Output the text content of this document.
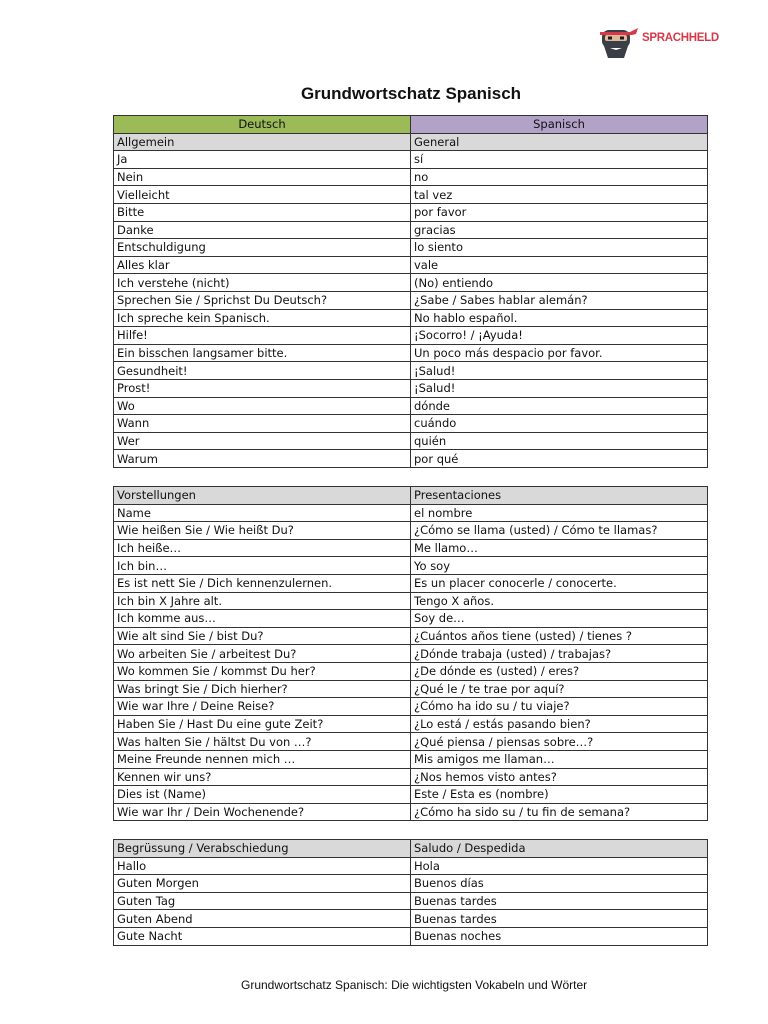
SPRACHHELD
Grundwortschatz Spanisch
Deutsch	Spanisch
Allgemein	General
Ja	sí
Nein	no
Vielleicht	tal vez
Bitte	por favor
Danke	gracias
Entschuldigung	lo siento
Alles klar	vale
Ich verstehe (nicht)	(No) entiendo
Sprechen Sie / Sprichst Du Deutsch?	¿Sabe / Sabes hablar alemán?
Ich spreche kein Spanisch.	No hablo español.
Hilfe!	¡Socorro! / ¡Ayuda!
Ein bisschen langsamer bitte.	Un poco más despacio por favor.
Gesundheit!	¡Salud!
Prost!	¡Salud!
Wo	dónde
Wann	cuándo
Wer	quién
Warum	por qué
Vorstellungen	Presentaciones
Name	el nombre
Wie heißen Sie / Wie heißt Du?	¿Cómo se llama (usted) / Cómo te llamas?
Ich heiße…	Me llamo…
Ich bin…	Yo soy
Es ist nett Sie / Dich kennenzulernen.	Es un placer conocerle / conocerte.
Ich bin X Jahre alt.	Tengo X años.
Ich komme aus…	Soy de…
Wie alt sind Sie / bist Du?	¿Cuántos años tiene (usted) / tienes ?
Wo arbeiten Sie / arbeitest Du?	¿Dónde trabaja (usted) / trabajas?
Wo kommen Sie / kommst Du her?	¿De dónde es (usted) / eres?
Was bringt Sie / Dich hierher?	¿Qué le / te trae por aquí?
Wie war Ihre / Deine Reise?	¿Cómo ha ido su / tu viaje?
Haben Sie / Hast Du eine gute Zeit?	¿Lo está / estás pasando bien?
Was halten Sie / hältst Du von …?	¿Qué piensa / piensas sobre…?
Meine Freunde nennen mich …	Mis amigos me llaman…
Kennen wir uns?	¿Nos hemos visto antes?
Dies ist (Name)	Este / Esta es (nombre)
Wie war Ihr / Dein Wochenende?	¿Cómo ha sido su / tu fin de semana?
Begrüssung / Verabschiedung	Saludo / Despedida
Hallo	Hola
Guten Morgen	Buenos días
Guten Tag	Buenas tardes
Guten Abend	Buenas tardes
Gute Nacht	Buenas noches
Grundwortschatz Spanisch: Die wichtigsten Vokabeln und Wörter
